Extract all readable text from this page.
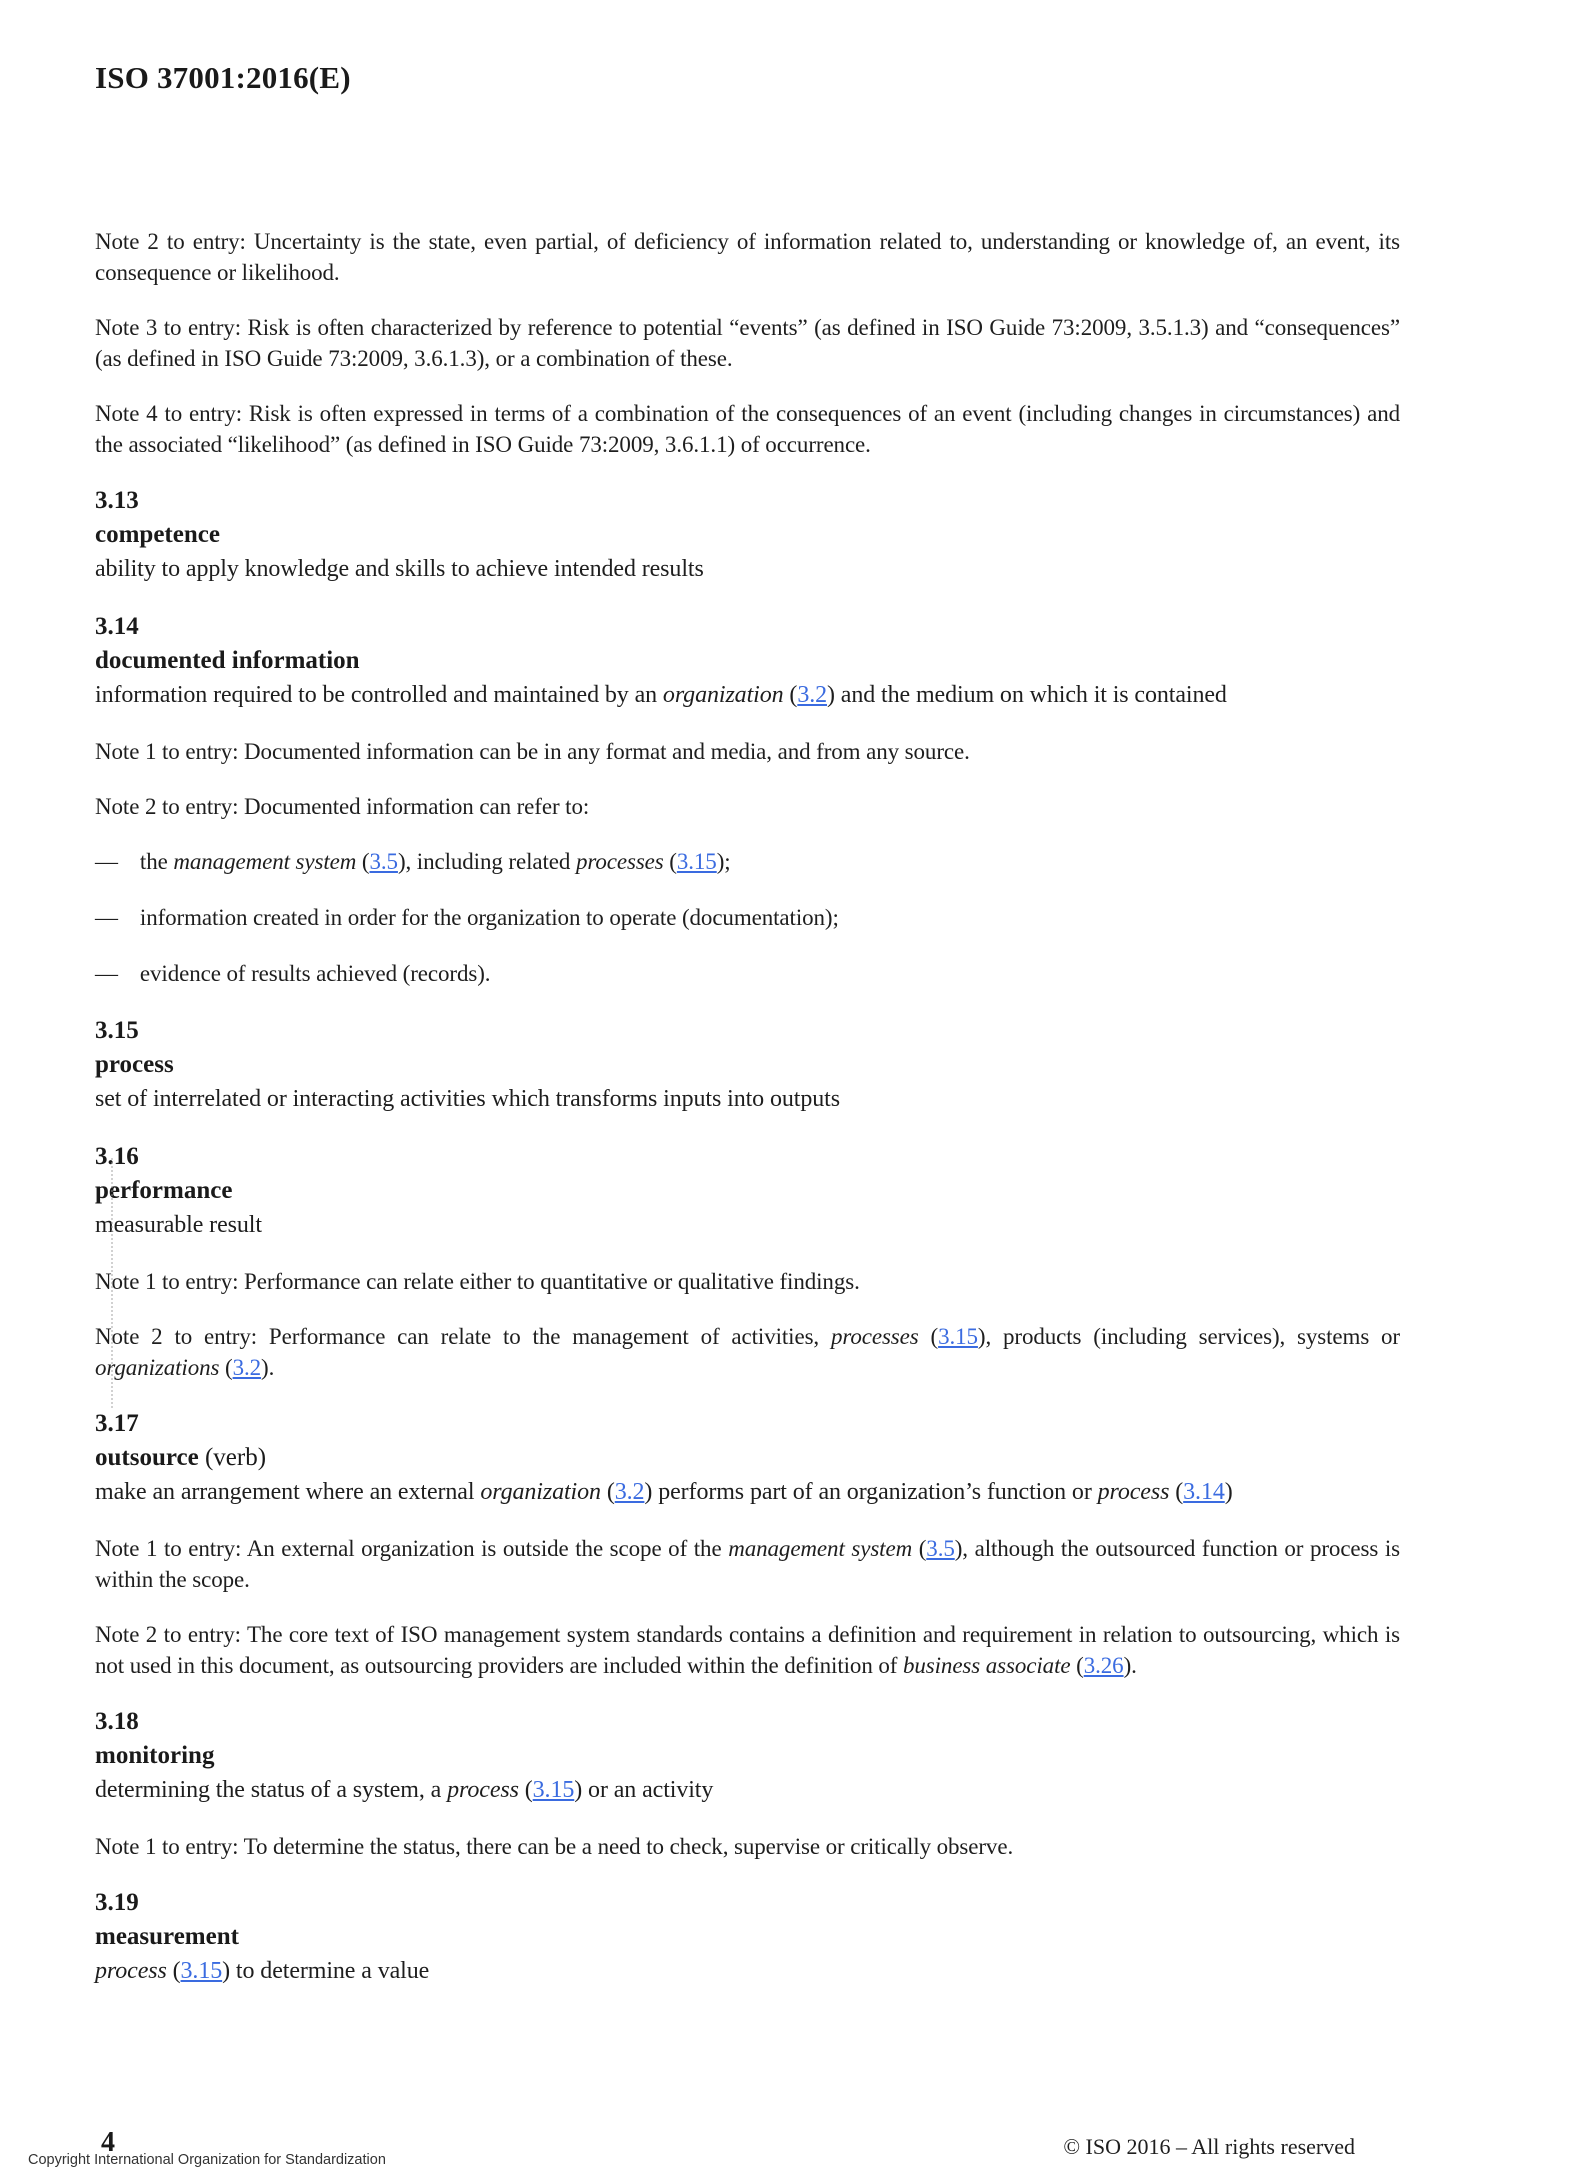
ISO 37001:2016(E)

Note 2 to entry: Uncertainty is the state, even partial, of deficiency of information related to, understanding or knowledge of, an event, its consequence or likelihood.

Note 3 to entry: Risk is often characterized by reference to potential “events” (as defined in ISO Guide 73:2009, 3.5.1.3) and “consequences” (as defined in ISO Guide 73:2009, 3.6.1.3), or a combination of these.

Note 4 to entry: Risk is often expressed in terms of a combination of the consequences of an event (including changes in circumstances) and the associated “likelihood” (as defined in ISO Guide 73:2009, 3.6.1.1) of occurrence.

3.13

competence

ability to apply knowledge and skills to achieve intended results

3.14

documented information

information required to be controlled and maintained by an organization (3.2) and the medium on which it is contained

Note 1 to entry: Documented information can be in any format and media, and from any source.

Note 2 to entry: Documented information can refer to:

— the management system (3.5), including related processes (3.15);
— information created in order for the organization to operate (documentation);
— evidence of results achieved (records).

3.15

process

set of interrelated or interacting activities which transforms inputs into outputs

3.16

performance

measurable result

Note 1 to entry: Performance can relate either to quantitative or qualitative findings.

Note 2 to entry: Performance can relate to the management of activities, processes (3.15), products (including services), systems or organizations (3.2).

3.17

outsource (verb)

make an arrangement where an external organization (3.2) performs part of an organization’s function or process (3.14)

Note 1 to entry: An external organization is outside the scope of the management system (3.5), although the outsourced function or process is within the scope.

Note 2 to entry: The core text of ISO management system standards contains a definition and requirement in relation to outsourcing, which is not used in this document, as outsourcing providers are included within the definition of business associate (3.26).

3.18

monitoring

determining the status of a system, a process (3.15) or an activity

Note 1 to entry: To determine the status, there can be a need to check, supervise or critically observe.

3.19

measurement

process (3.15) to determine a value

4
Copyright International Organization for Standardization
© ISO 2016 – All rights reserved
